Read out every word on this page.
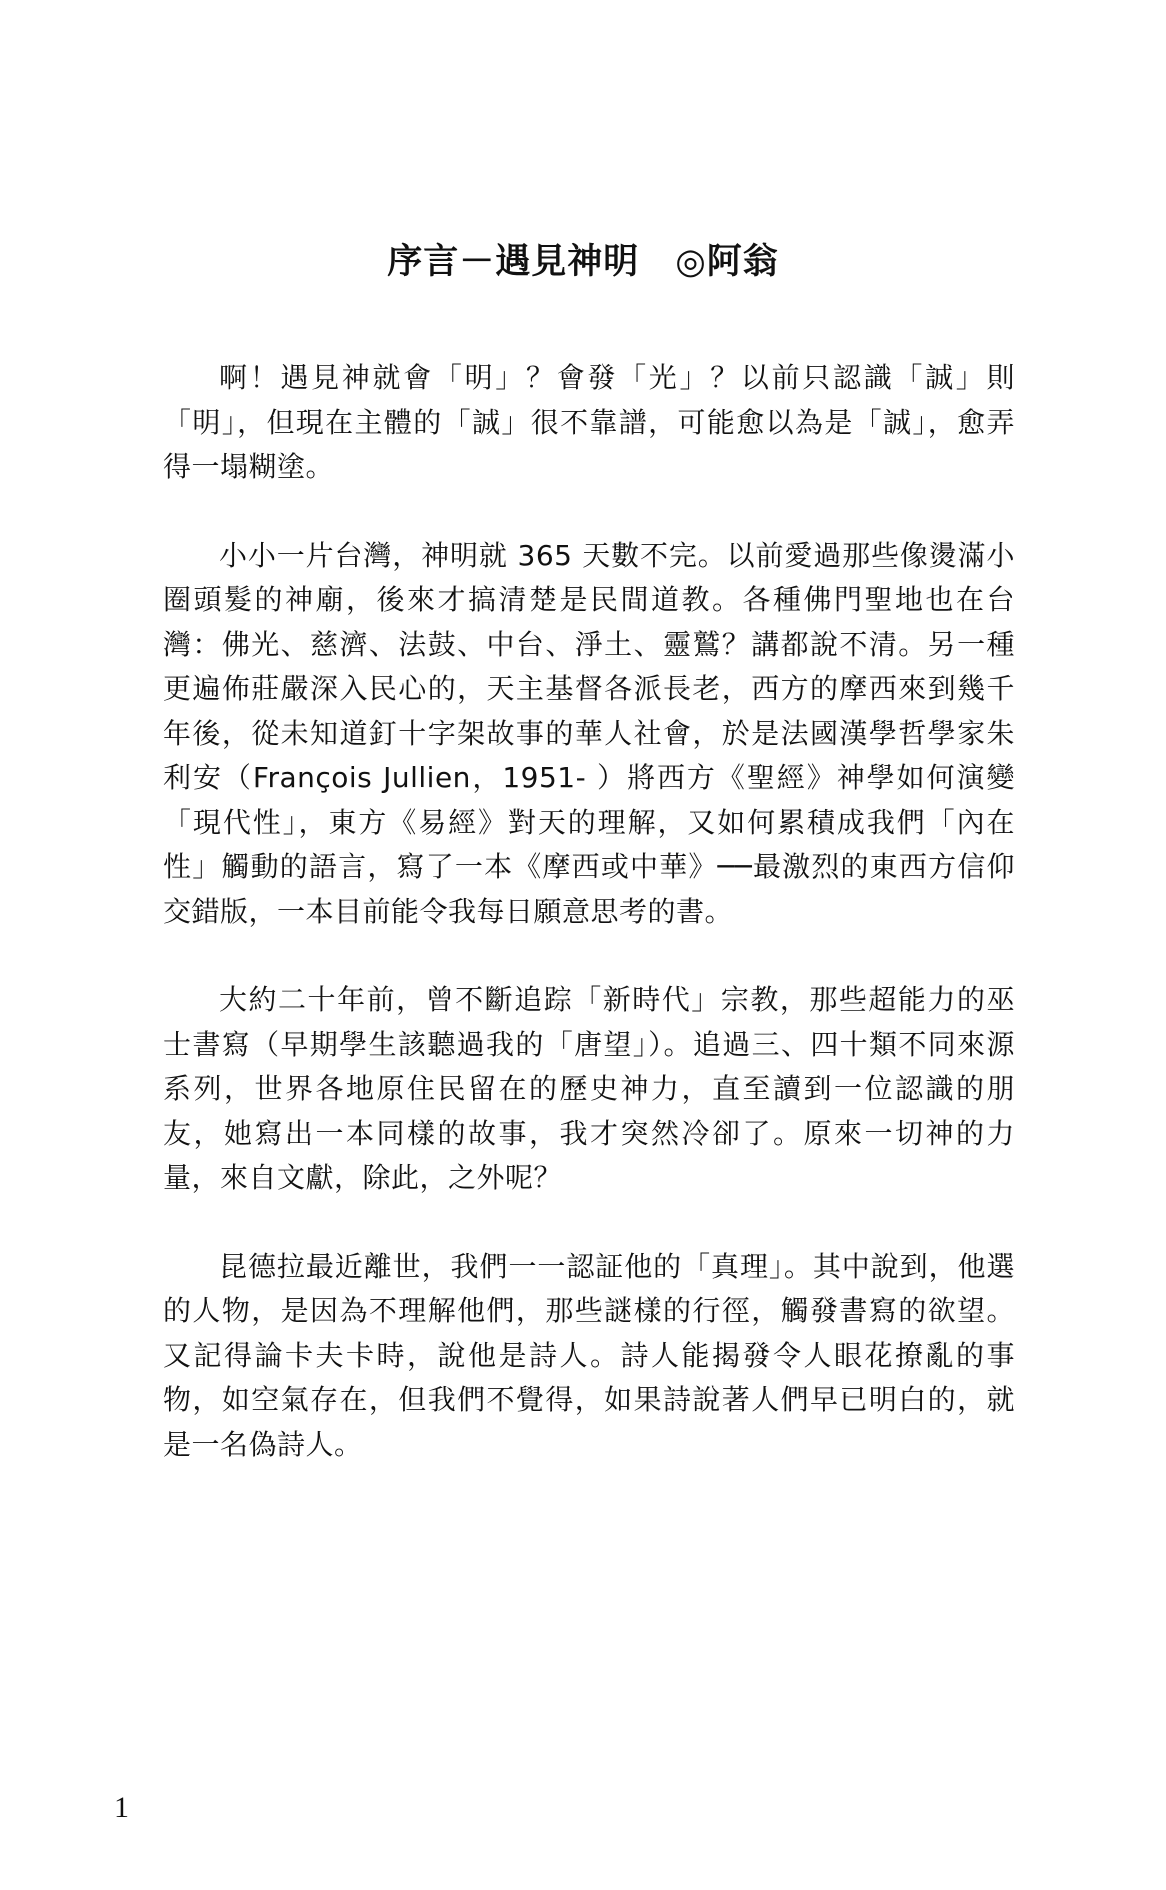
序言－遇見神明 ◎阿翁

啊！遇見神就會「明」？會發「光」？以前只認識「誠」則「明」，但現在主體的「誠」很不靠譜，可能愈以為是「誠」，愈弄得一塌糊塗。

小小一片台灣，神明就 365 天數不完。以前愛過那些像燙滿小圈頭髮的神廟，後來才搞清楚是民間道教。各種佛門聖地也在台灣：佛光、慈濟、法鼓、中台、淨土、靈鷲？講都說不清。另一種更遍佈莊嚴深入民心的，天主基督各派長老，西方的摩西來到幾千年後，從未知道釘十字架故事的華人社會，於是法國漢學哲學家朱利安（François Jullien，1951- ）將西方《聖經》神學如何演變「現代性」，東方《易經》對天的理解，又如何累積成我們「內在性」觸動的語言，寫了一本《摩西或中華》──最激烈的東西方信仰交錯版，一本目前能令我每日願意思考的書。

大約二十年前，曾不斷追踪「新時代」宗教，那些超能力的巫士書寫（早期學生該聽過我的「唐望」）。追過三、四十類不同來源系列，世界各地原住民留在的歷史神力，直至讀到一位認識的朋友，她寫出一本同樣的故事，我才突然冷卻了。原來一切神的力量，來自文獻，除此，之外呢？

昆德拉最近離世，我們一一認証他的「真理」。其中說到，他選的人物，是因為不理解他們，那些謎樣的行徑，觸發書寫的欲望。又記得論卡夫卡時，說他是詩人。詩人能揭發令人眼花撩亂的事物，如空氣存在，但我們不覺得，如果詩說著人們早已明白的，就是一名偽詩人。

1
